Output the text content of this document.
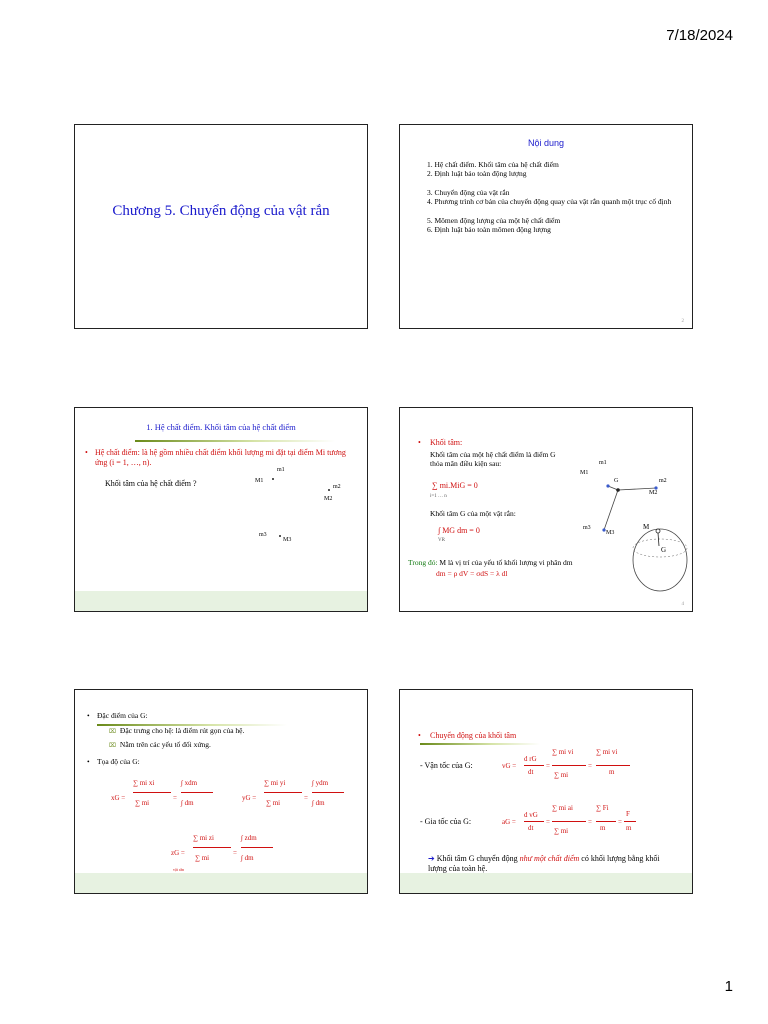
7/18/2024
Chương 5. Chuyển động của vật rắn
Nội dung
1. Hệ chất điểm. Khối tâm của hệ chất điểm
2. Định luật bảo toàn động lượng
3. Chuyển động của vật rắn
4. Phương trình cơ bản của chuyển động quay của vật rắn quanh một trục cố định
5. Mômen động lượng của một hệ chất điểm
6. Định luật bảo toàn mômen động lượng
2
1. Hệ chất điểm. Khối tâm của hệ chất điểm
• Hệ chất điểm: là hệ gồm nhiều chất điểm khối lượng mi đặt tại điểm Mi tương ứng (i = 1, …, n).
Khối tâm của hệ chất điểm ?
m1
M1
m2
M2
m3
M3
• Khối tâm:
Khối tâm của một hệ chất điểm là điểm G thỏa mãn điều kiện sau:
∑ mi.MiG = 0
i=1 … n
Khối tâm G của một vật rắn:
∫ MG dm = 0
VR
Trong đó: M là vị trí của yếu tố khối lượng vi phân dm
dm = ρ dV = σdS = λ dl
m1
M1
G	m2
M2
m3
M3
M
G
4
• Đặc điểm của G:
⌧ Đặc trưng cho hệ: là điểm rút gọn của hệ.
⌧ Nằm trên các yếu tố đối xứng.
• Tọa độ của G:
xG =
∑ mi xi
∑ mi
=
∫ xdm
∫ dm
yG =
∑ mi yi
∑ mi
=
∫ ydm
∫ dm
zG =
∑ mi zi
∑ mi
=
∫ zdm
∫ dm
vật rắn
• Chuyển động của khối tâm
- Vận tốc của G:	vG =
d rG
dt
=
∑ mi vi
∑ mi
=
∑ mi vi
m
- Gia tốc của G:	aG =
d vG
dt
=
∑ mi ai
∑ mi
=
∑ Fi
m
=
F
m
➔ Khối tâm G chuyển động như một chất điểm có khối lượng bằng khối lượng của toàn hệ.
1
